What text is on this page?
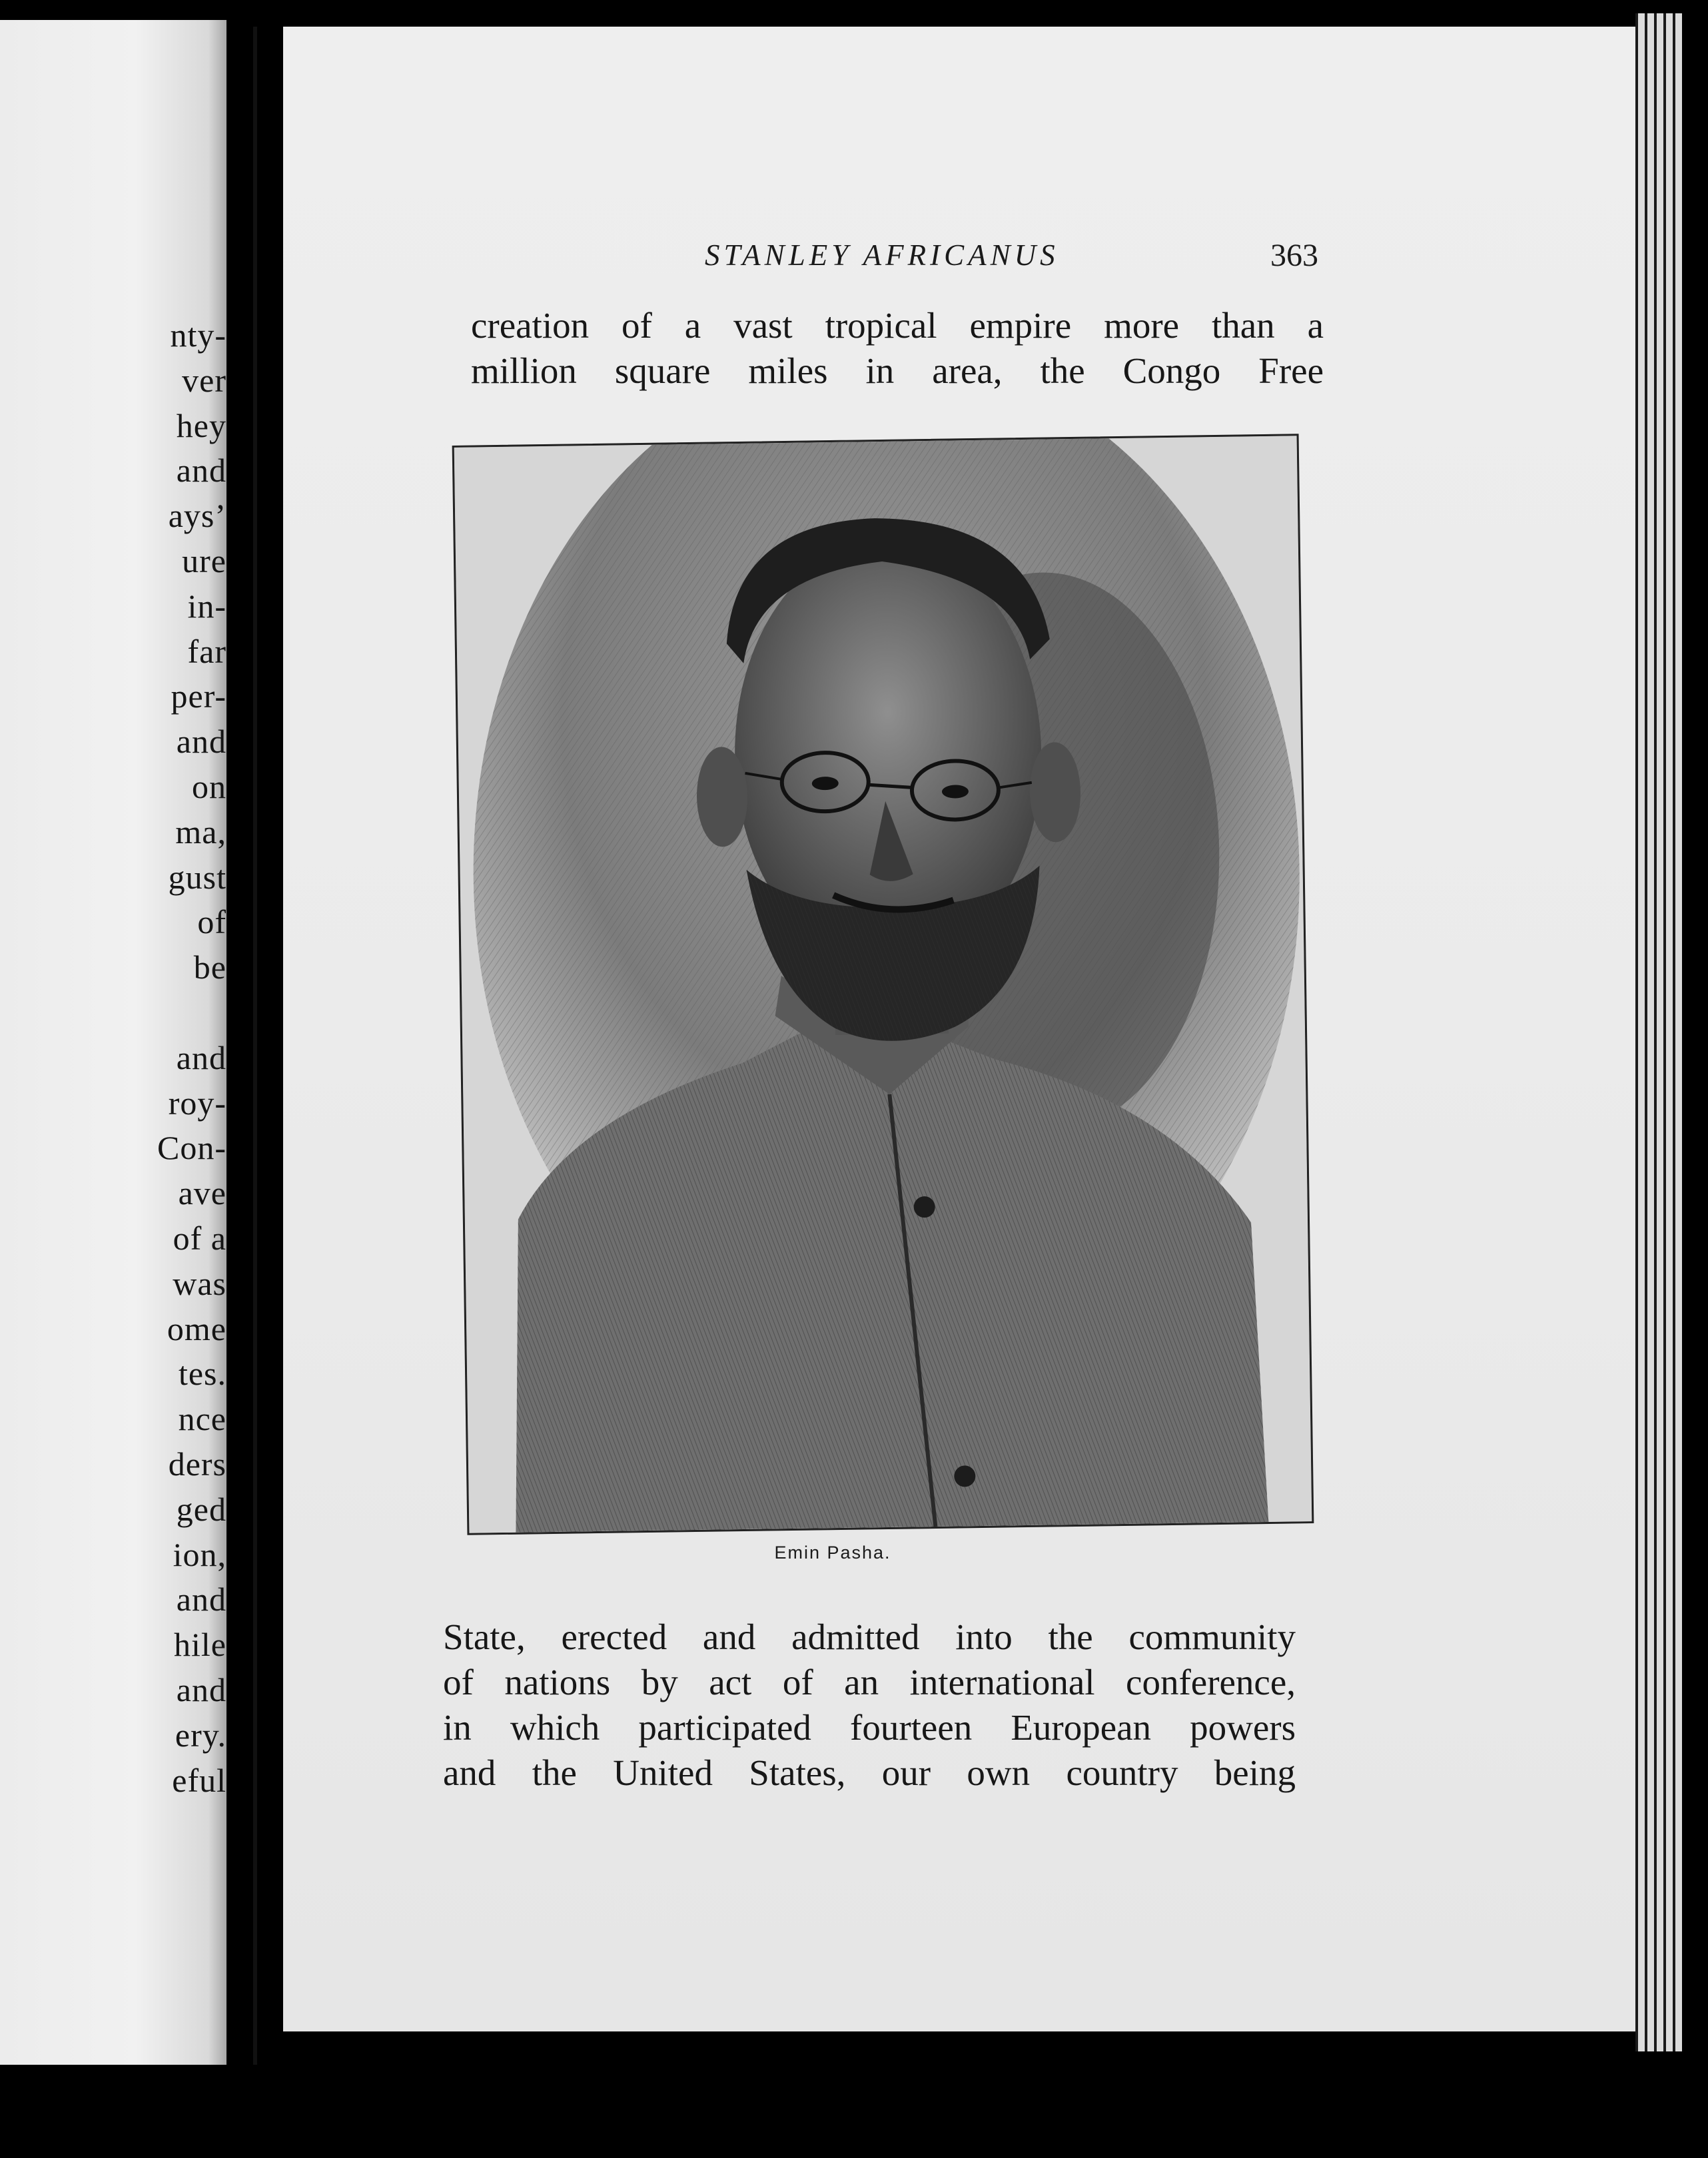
nty-
ver
hey
and
ays’
ure
in-
far
per-
and
on
ma,
gust
of
be
and
roy-
Con-
ave
of a
was
ome
tes.
nce
ders
ged
ion,
and
hile
and
ery.
eful
STANLEY AFRICANUS	363
creation of a vast tropical empire more than a
million square miles in area, the Congo Free
Emin Pasha.
State, erected and admitted into the community
of nations by act of an international conference,
in which participated fourteen European powers
and the United States, our own country being
